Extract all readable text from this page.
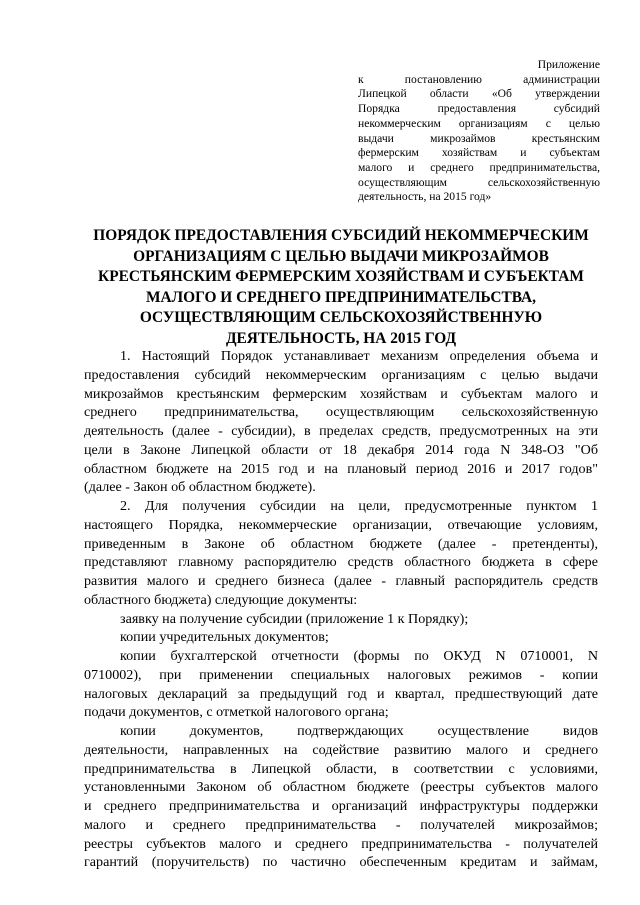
Приложение
к постановлению администрации
Липецкой области «Об утверждении
Порядка предоставления субсидий
некоммерческим организациям с целью
выдачи микрозаймов крестьянским
фермерским хозяйствам и субъектам
малого и среднего предпринимательства,
осуществляющим сельскохозяйственную
деятельность, на 2015 год»
ПОРЯДОК ПРЕДОСТАВЛЕНИЯ СУБСИДИЙ НЕКОММЕРЧЕСКИМ
ОРГАНИЗАЦИЯМ С ЦЕЛЬЮ ВЫДАЧИ МИКРОЗАЙМОВ
КРЕСТЬЯНСКИМ ФЕРМЕРСКИМ ХОЗЯЙСТВАМ И СУБЪЕКТАМ
МАЛОГО И СРЕДНЕГО ПРЕДПРИНИМАТЕЛЬСТВА,
ОСУЩЕСТВЛЯЮЩИМ СЕЛЬСКОХОЗЯЙСТВЕННУЮ
ДЕЯТЕЛЬНОСТЬ, НА 2015 ГОД
1. Настоящий Порядок устанавливает механизм определения объема и
предоставления субсидий некоммерческим организациям с целью выдачи
микрозаймов крестьянским фермерским хозяйствам и субъектам малого и
среднего предпринимательства, осуществляющим сельскохозяйственную
деятельность (далее - субсидии), в пределах средств, предусмотренных на эти
цели в Законе Липецкой области от 18 декабря 2014 года N 348-ОЗ "Об
областном бюджете на 2015 год и на плановый период 2016 и 2017 годов"
(далее - Закон об областном бюджете).
2. Для получения субсидии на цели, предусмотренные пунктом 1
настоящего Порядка, некоммерческие организации, отвечающие условиям,
приведенным в Законе об областном бюджете (далее - претенденты),
представляют главному распорядителю средств областного бюджета в сфере
развития малого и среднего бизнеса (далее - главный распорядитель средств
областного бюджета) следующие документы:
заявку на получение субсидии (приложение 1 к Порядку);
копии учредительных документов;
копии бухгалтерской отчетности (формы по ОКУД N 0710001, N
0710002), при применении специальных налоговых режимов - копии
налоговых деклараций за предыдущий год и квартал, предшествующий дате
подачи документов, с отметкой налогового органа;
копии документов, подтверждающих осуществление видов
деятельности, направленных на содействие развитию малого и среднего
предпринимательства в Липецкой области, в соответствии с условиями,
установленными Законом об областном бюджете (реестры субъектов малого
и среднего предпринимательства и организаций инфраструктуры поддержки
малого и среднего предпринимательства - получателей микрозаймов;
реестры субъектов малого и среднего предпринимательства - получателей
гарантий (поручительств) по частично обеспеченным кредитам и займам,
